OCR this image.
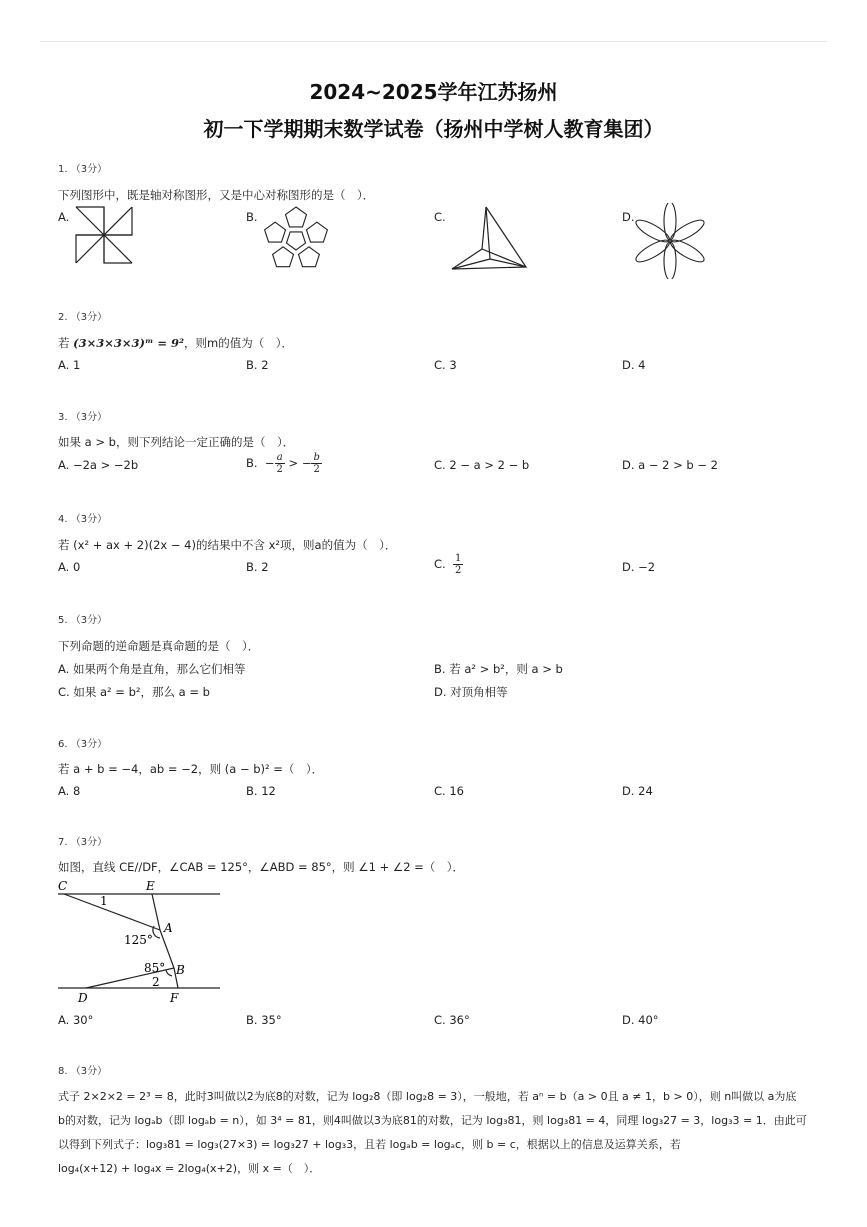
2024~2025学年江苏扬州
初一下学期期末数学试卷（扬州中学树人教育集团）
1. （3分）
下列图形中，既是轴对称图形，又是中心对称图形的是（　）．
A.	B.	C.	D.
2. （3分）
若 (3×3×3×3)ᵐ = 9²，则m的值为（　）．
A. 1	B. 2	C. 3	D. 4
3. （3分）
如果 a > b，则下列结论一定正确的是（　）．
A. −2a > −2b	B.  − $\frac{a}{2}$ > − $\frac{b}{2}$	C. 2 − a > 2 − b	D. a − 2 > b − 2
4. （3分）
若 (x² + ax + 2)(2x − 4)的结果中不含 x²项，则a的值为（　）．
A. 0	B. 2	C. $\frac{1}{2}$	D. −2
5. （3分）
下列命题的逆命题是真命题的是（　）．
A. 如果两个角是直角，那么它们相等	B. 若 a² > b²，则 a > b
C. 如果 a² = b²，那么 a = b	D. 对顶角相等
6. （3分）
若 a + b = −4，ab = −2，则 (a − b)² =（　）．
A. 8	B. 12	C. 16	D. 24
7. （3分）
如图，直线 CE//DF，∠CAB = 125°，∠ABD = 85°，则 ∠1 + ∠2 =（　）．
C	E
1
A
125°
85° B
2
D	F
A. 30°	B. 35°	C. 36°	D. 40°
8. （3分）
式子 2×2×2 = 2³ = 8，此时3叫做以2为底8的对数，记为 log₂8（即 log₂8 = 3），一般地，若 aⁿ = b（a > 0且 a ≠ 1，b > 0），则 n叫做以 a为底
b的对数，记为 logₐb（即 logₐb = n），如 3⁴ = 81，则4叫做以3为底81的对数，记为 log₃81，则 log₃81 = 4，同理 log₃27 = 3，log₃3 = 1．由此可
以得到下列式子：log₃81 = log₃(27×3) = log₃27 + log₃3，且若 logₐb = logₐc，则 b = c，根据以上的信息及运算关系，若
log₄(x+12) + log₄x = 2log₄(x+2)，则 x =（　）．
